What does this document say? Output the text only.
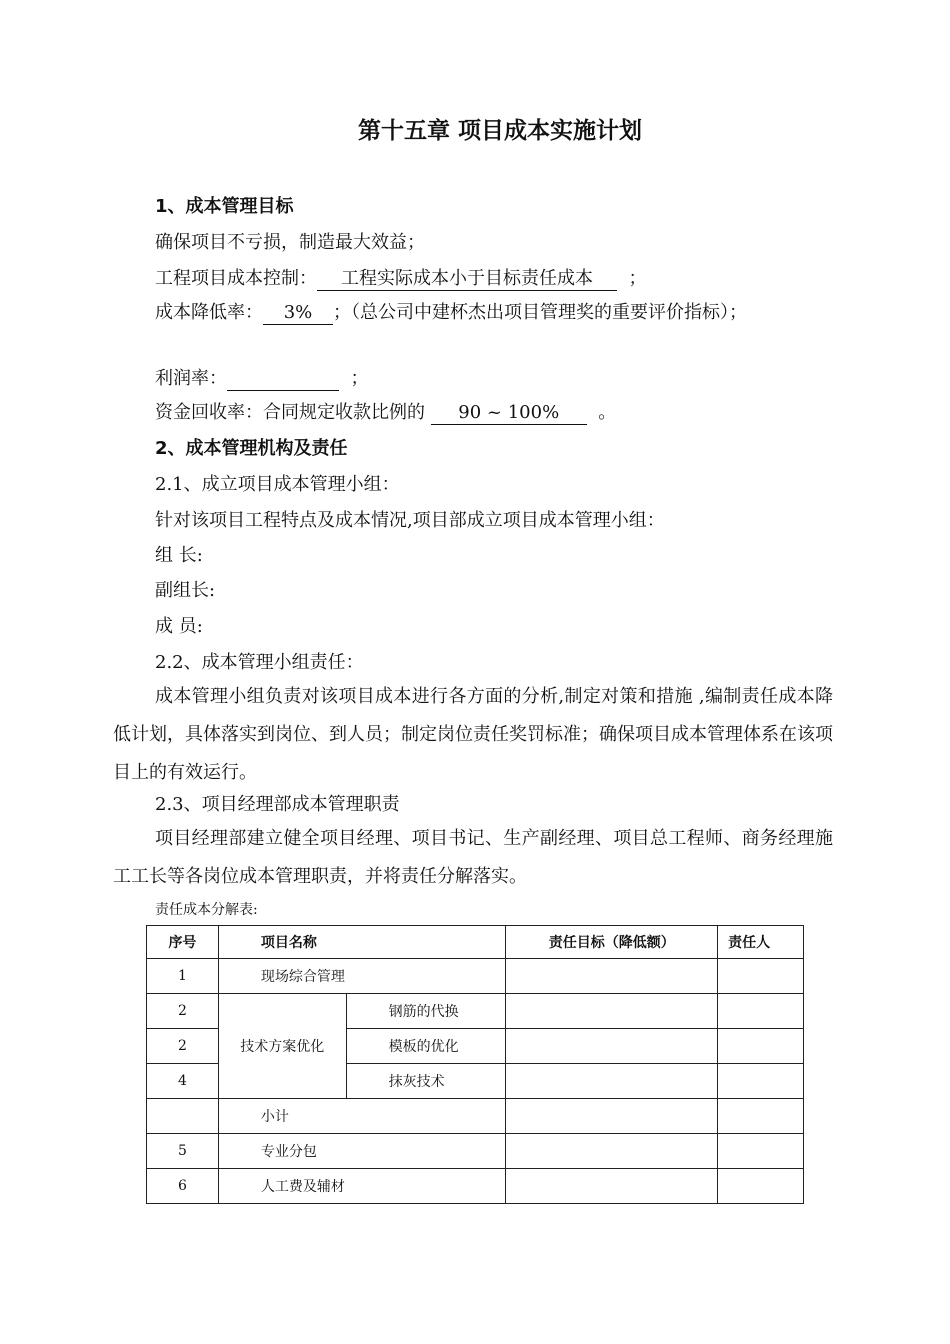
第十五章 项目成本实施计划
1、成本管理目标
确保项目不亏损，制造最大效益；
工程项目成本控制： 工程实际成本小于目标责任成本 ；
成本降低率： 3% ；（总公司中建杯杰出项目管理奖的重要评价指标）；
利润率：	；
资金回收率：合同规定收款比例的 90 ~ 100% 。
2、成本管理机构及责任
2.1、成立项目成本管理小组：
针对该项目工程特点及成本情况,项目部成立项目成本管理小组：
组 长:
副组长:
成 员:
2.2、成本管理小组责任：
成本管理小组负责对该项目成本进行各方面的分析,制定对策和措施 ,编制责任成本降低计划，具体落实到岗位、到人员；制定岗位责任奖罚标准；确保项目成本管理体系在该项目上的有效运行。
2.3、项目经理部成本管理职责
项目经理部建立健全项目经理、项目书记、生产副经理、项目总工程师、商务经理施工工长等各岗位成本管理职责，并将责任分解落实。
责任成本分解表:
序号	项目名称		责任目标（降低额）	责任人
1	现场综合管理			
2	技术方案优化	钢筋的代换		
2		模板的优化		
4		抹灰技术		
	小计			
5	专业分包			
6	人工费及辅材			
